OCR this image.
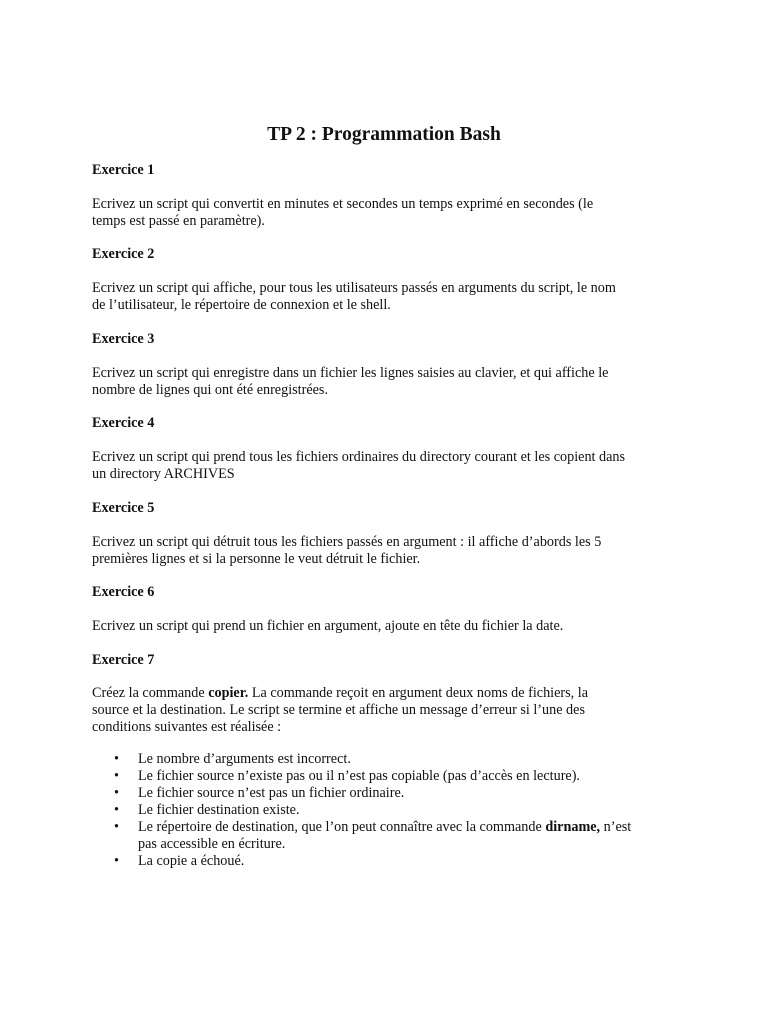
TP 2 : Programmation Bash
Exercice 1
Ecrivez un script qui convertit en minutes et secondes un temps exprimé en secondes (le
temps est passé en paramètre).
Exercice 2
Ecrivez un script qui affiche, pour tous les utilisateurs passés en arguments du script, le nom
de l’utilisateur, le répertoire de connexion et le shell.
Exercice 3
Ecrivez un script qui enregistre dans un fichier les lignes saisies au clavier, et qui affiche le
nombre de lignes qui ont été enregistrées.
Exercice 4
Ecrivez un script qui prend tous les fichiers ordinaires du directory courant et les copient dans
un directory ARCHIVES
Exercice 5
Ecrivez un script qui détruit tous les fichiers passés en argument : il affiche d’abords les 5
premières lignes et si la personne le veut détruit le fichier.
Exercice 6
Ecrivez un script qui prend un fichier en argument, ajoute en tête du fichier la date.
Exercice 7
Créez la commande copier. La commande reçoit en argument deux noms de fichiers, la
source et la destination. Le script se termine et affiche un message d’erreur si l’une des
conditions suivantes est réalisée :
• Le nombre d’arguments est incorrect.
• Le fichier source n’existe pas ou il n’est pas copiable (pas d’accès en lecture).
• Le fichier source n’est pas un fichier ordinaire.
• Le fichier destination existe.
• Le répertoire de destination, que l’on peut connaître avec la commande dirname, n’est
pas accessible en écriture.
• La copie a échoué.
